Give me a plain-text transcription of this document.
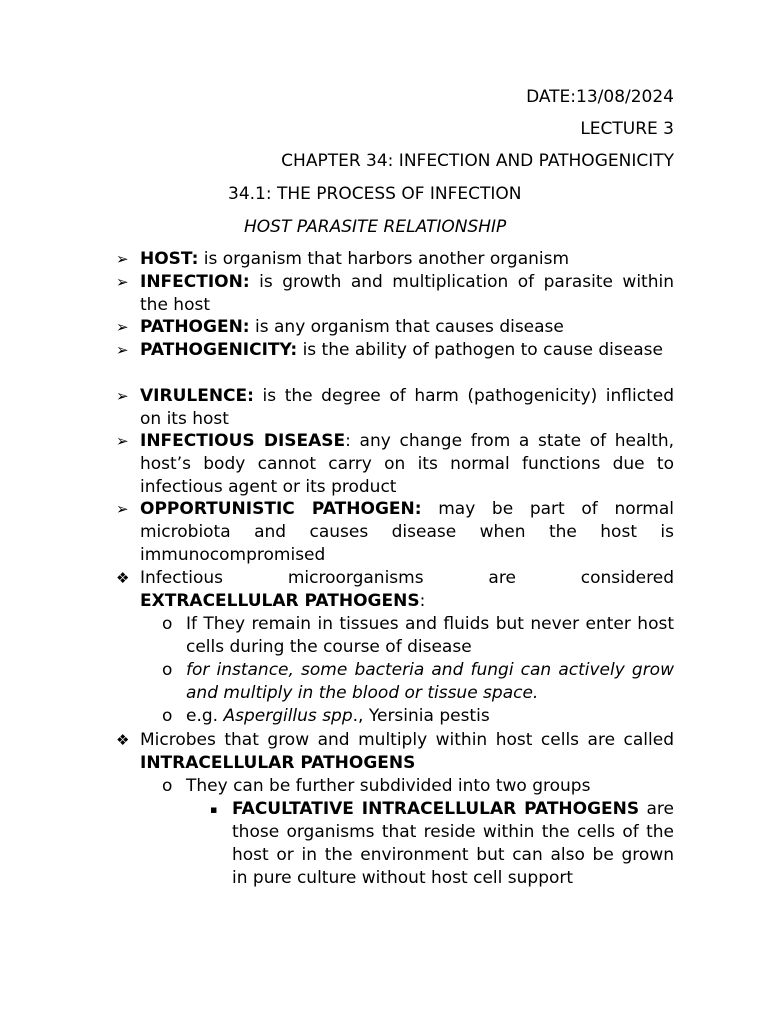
DATE:13/08/2024
LECTURE 3
CHAPTER 34: INFECTION AND PATHOGENICITY
34.1: THE PROCESS OF INFECTION
HOST PARASITE RELATIONSHIP
➢ HOST: is organism that harbors another organism
➢ INFECTION: is growth and multiplication of parasite within the host
➢ PATHOGEN: is any organism that causes disease
➢ PATHOGENICITY: is the ability of pathogen to cause disease
➢ VIRULENCE: is the degree of harm (pathogenicity) inflicted on its host
➢ INFECTIOUS DISEASE: any change from a state of health, host’s body cannot carry on its normal functions due to infectious agent or its product
➢ OPPORTUNISTIC PATHOGEN: may be part of normal microbiota and causes disease when the host is immunocompromised
❖ Infectious microorganisms are considered
EXTRACELLULAR PATHOGENS:
o If They remain in tissues and fluids but never enter host cells during the course of disease
o for instance, some bacteria and fungi can actively grow and multiply in the blood or tissue space.
o e.g. Aspergillus spp., Yersinia pestis
❖ Microbes that grow and multiply within host cells are called INTRACELLULAR PATHOGENS
o They can be further subdivided into two groups
▪ FACULTATIVE INTRACELLULAR PATHOGENS are those organisms that reside within the cells of the host or in the environment but can also be grown in pure culture without host cell support
